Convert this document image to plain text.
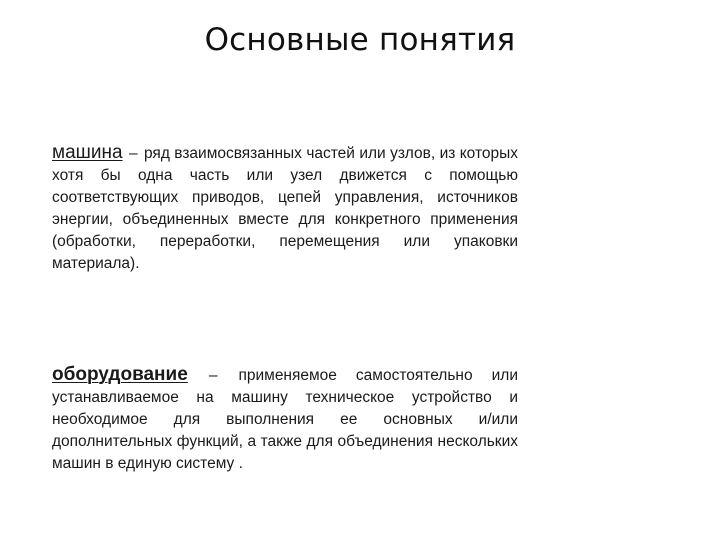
Основные понятия

машина – ряд взаимосвязанных частей или узлов, из которых хотя бы одна часть или узел движется с помощью соответствующих приводов, цепей управления, источников энергии, объединенных вместе для конкретного применения (обработки, переработки, перемещения или упаковки материала).

оборудование – применяемое самостоятельно или устанавливаемое на машину техническое устройство и необходимое для выполнения ее основных и/или дополнительных функций, а также для объединения нескольких машин в единую систему .
